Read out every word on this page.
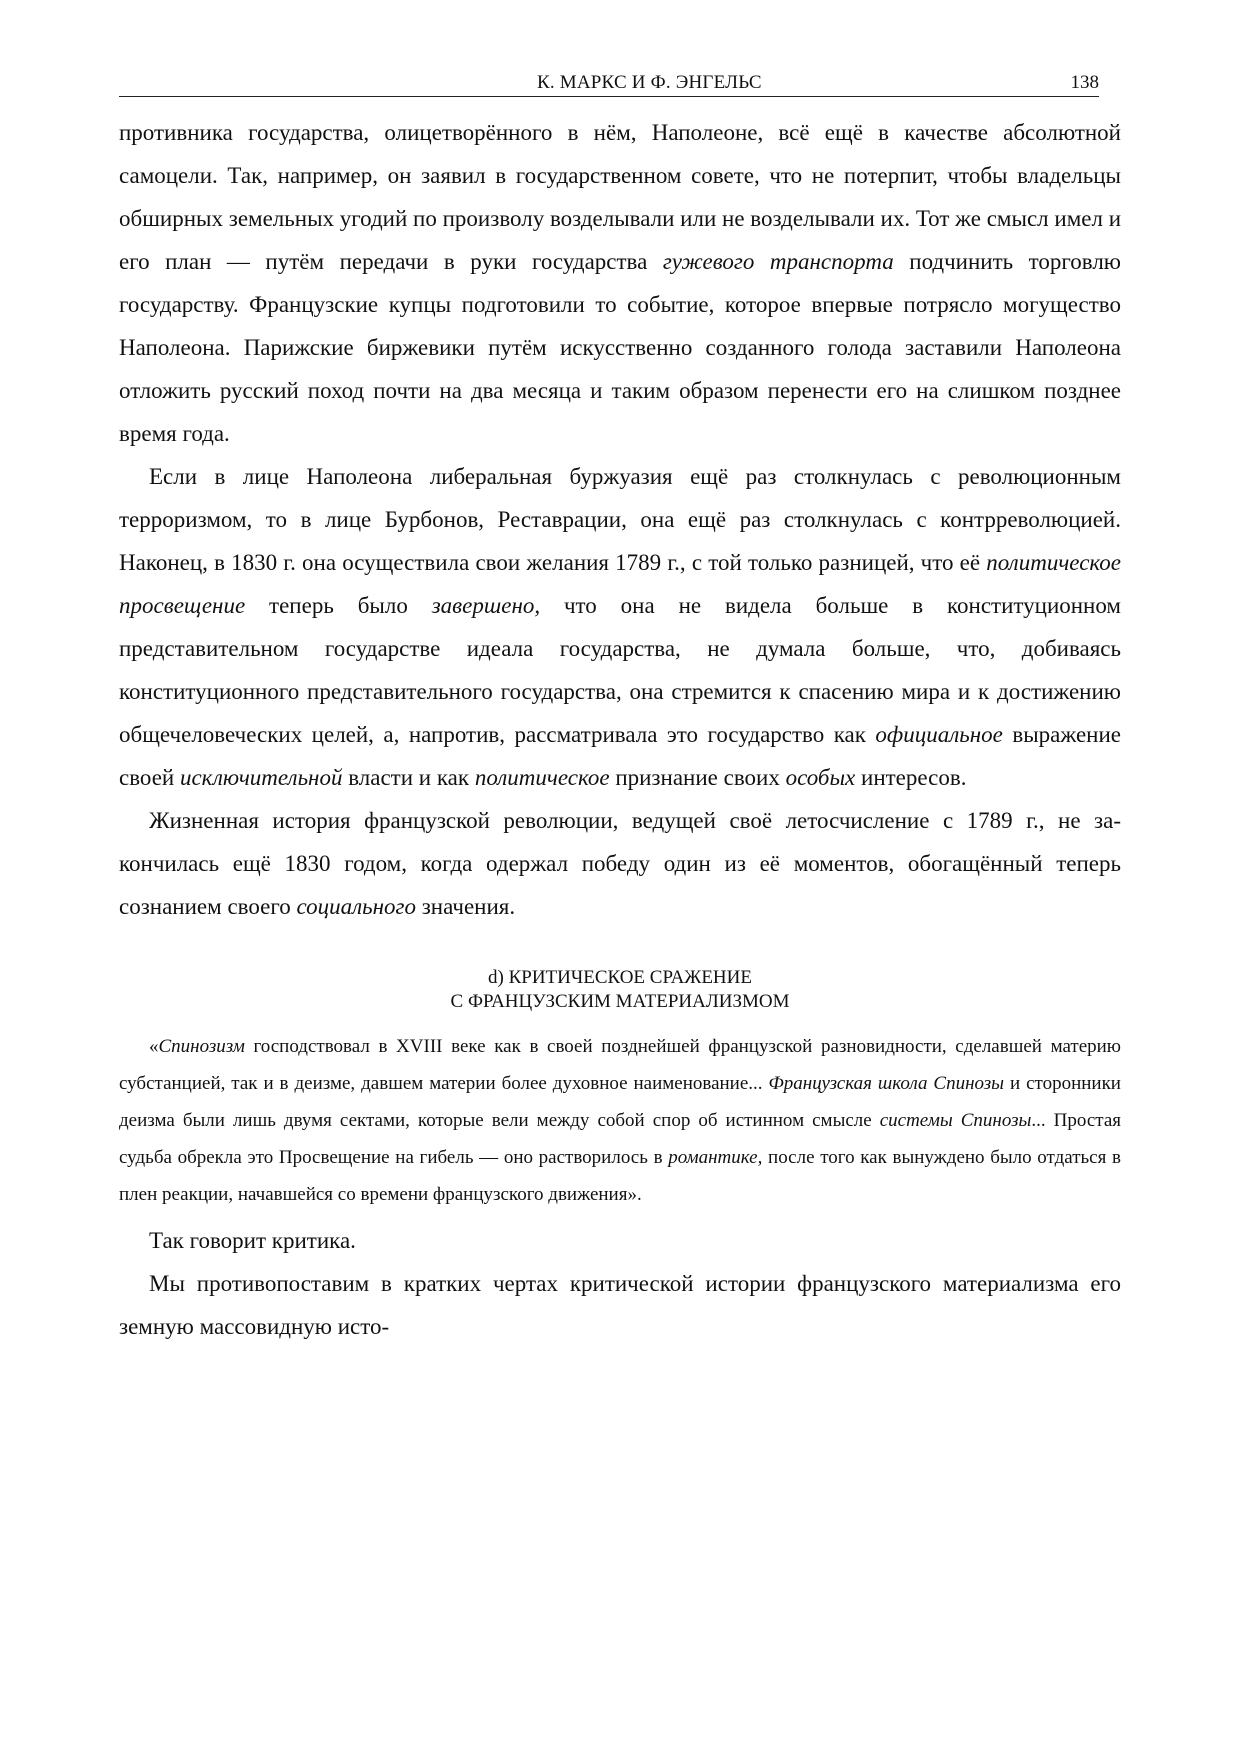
К. МАРКС И Ф. ЭНГЕЛЬС	138

противника государства, олицетворённого в нём, Наполеоне, всё ещё в качестве абсолютной самоцели. Так, например, он заявил в государственном совете, что не потерпит, чтобы владельцы обширных земельных угодий по произволу возделывали или не возделывали их. Тот же смысл имел и его план — путём передачи в руки государства гужевого транспорта подчинить торговлю государству. Французские купцы подготовили то событие, которое впервые потрясло могущество Наполеона. Парижские биржевики путём искусственно созданного голода заставили Наполеона отложить русский поход почти на два месяца и таким образом перенести его на слишком позднее время года.

Если в лице Наполеона либеральная буржуазия ещё раз столкнулась с революционным терроризмом, то в лице Бурбонов, Реставрации, она ещё раз столкнулась с контрреволюцией. Наконец, в 1830 г. она осуществила свои желания 1789 г., с той только разницей, что её политическое просвещение теперь было завершено, что она не видела больше в конституционном представительном государстве идеала государства, не думала больше, что, добиваясь конституционного представительного государства, она стремится к спасению мира и к достижению общечеловеческих целей, а, напротив, рассматривала это государство как официальное выражение своей исключительной власти и как политическое признание своих особых интересов.

Жизненная история французской революции, ведущей своё летосчисление с 1789 г., не закончилась ещё 1830 годом, когда одержал победу один из её моментов, обогащённый теперь сознанием своего социального значения.

d) КРИТИЧЕСКОЕ СРАЖЕНИЕ
С ФРАНЦУЗСКИМ МАТЕРИАЛИЗМОМ

«Спинозизм господствовал в XVIII веке как в своей позднейшей французской разновидности, сделавшей материю субстанцией, так и в деизме, давшем материи более духовное наименование... Французская школа Спинозы и сторонники деизма были лишь двумя сектами, которые вели между собой спор об истинном смысле системы Спинозы... Простая судьба обрекла это Просвещение на гибель — оно растворилось в романтике, после того как вынуждено было отдаться в плен реакции, начавшейся со времени французского движения».

Так говорит критика.

Мы противопоставим в кратких чертах критической истории французского материализма его земную массовидную исто-
